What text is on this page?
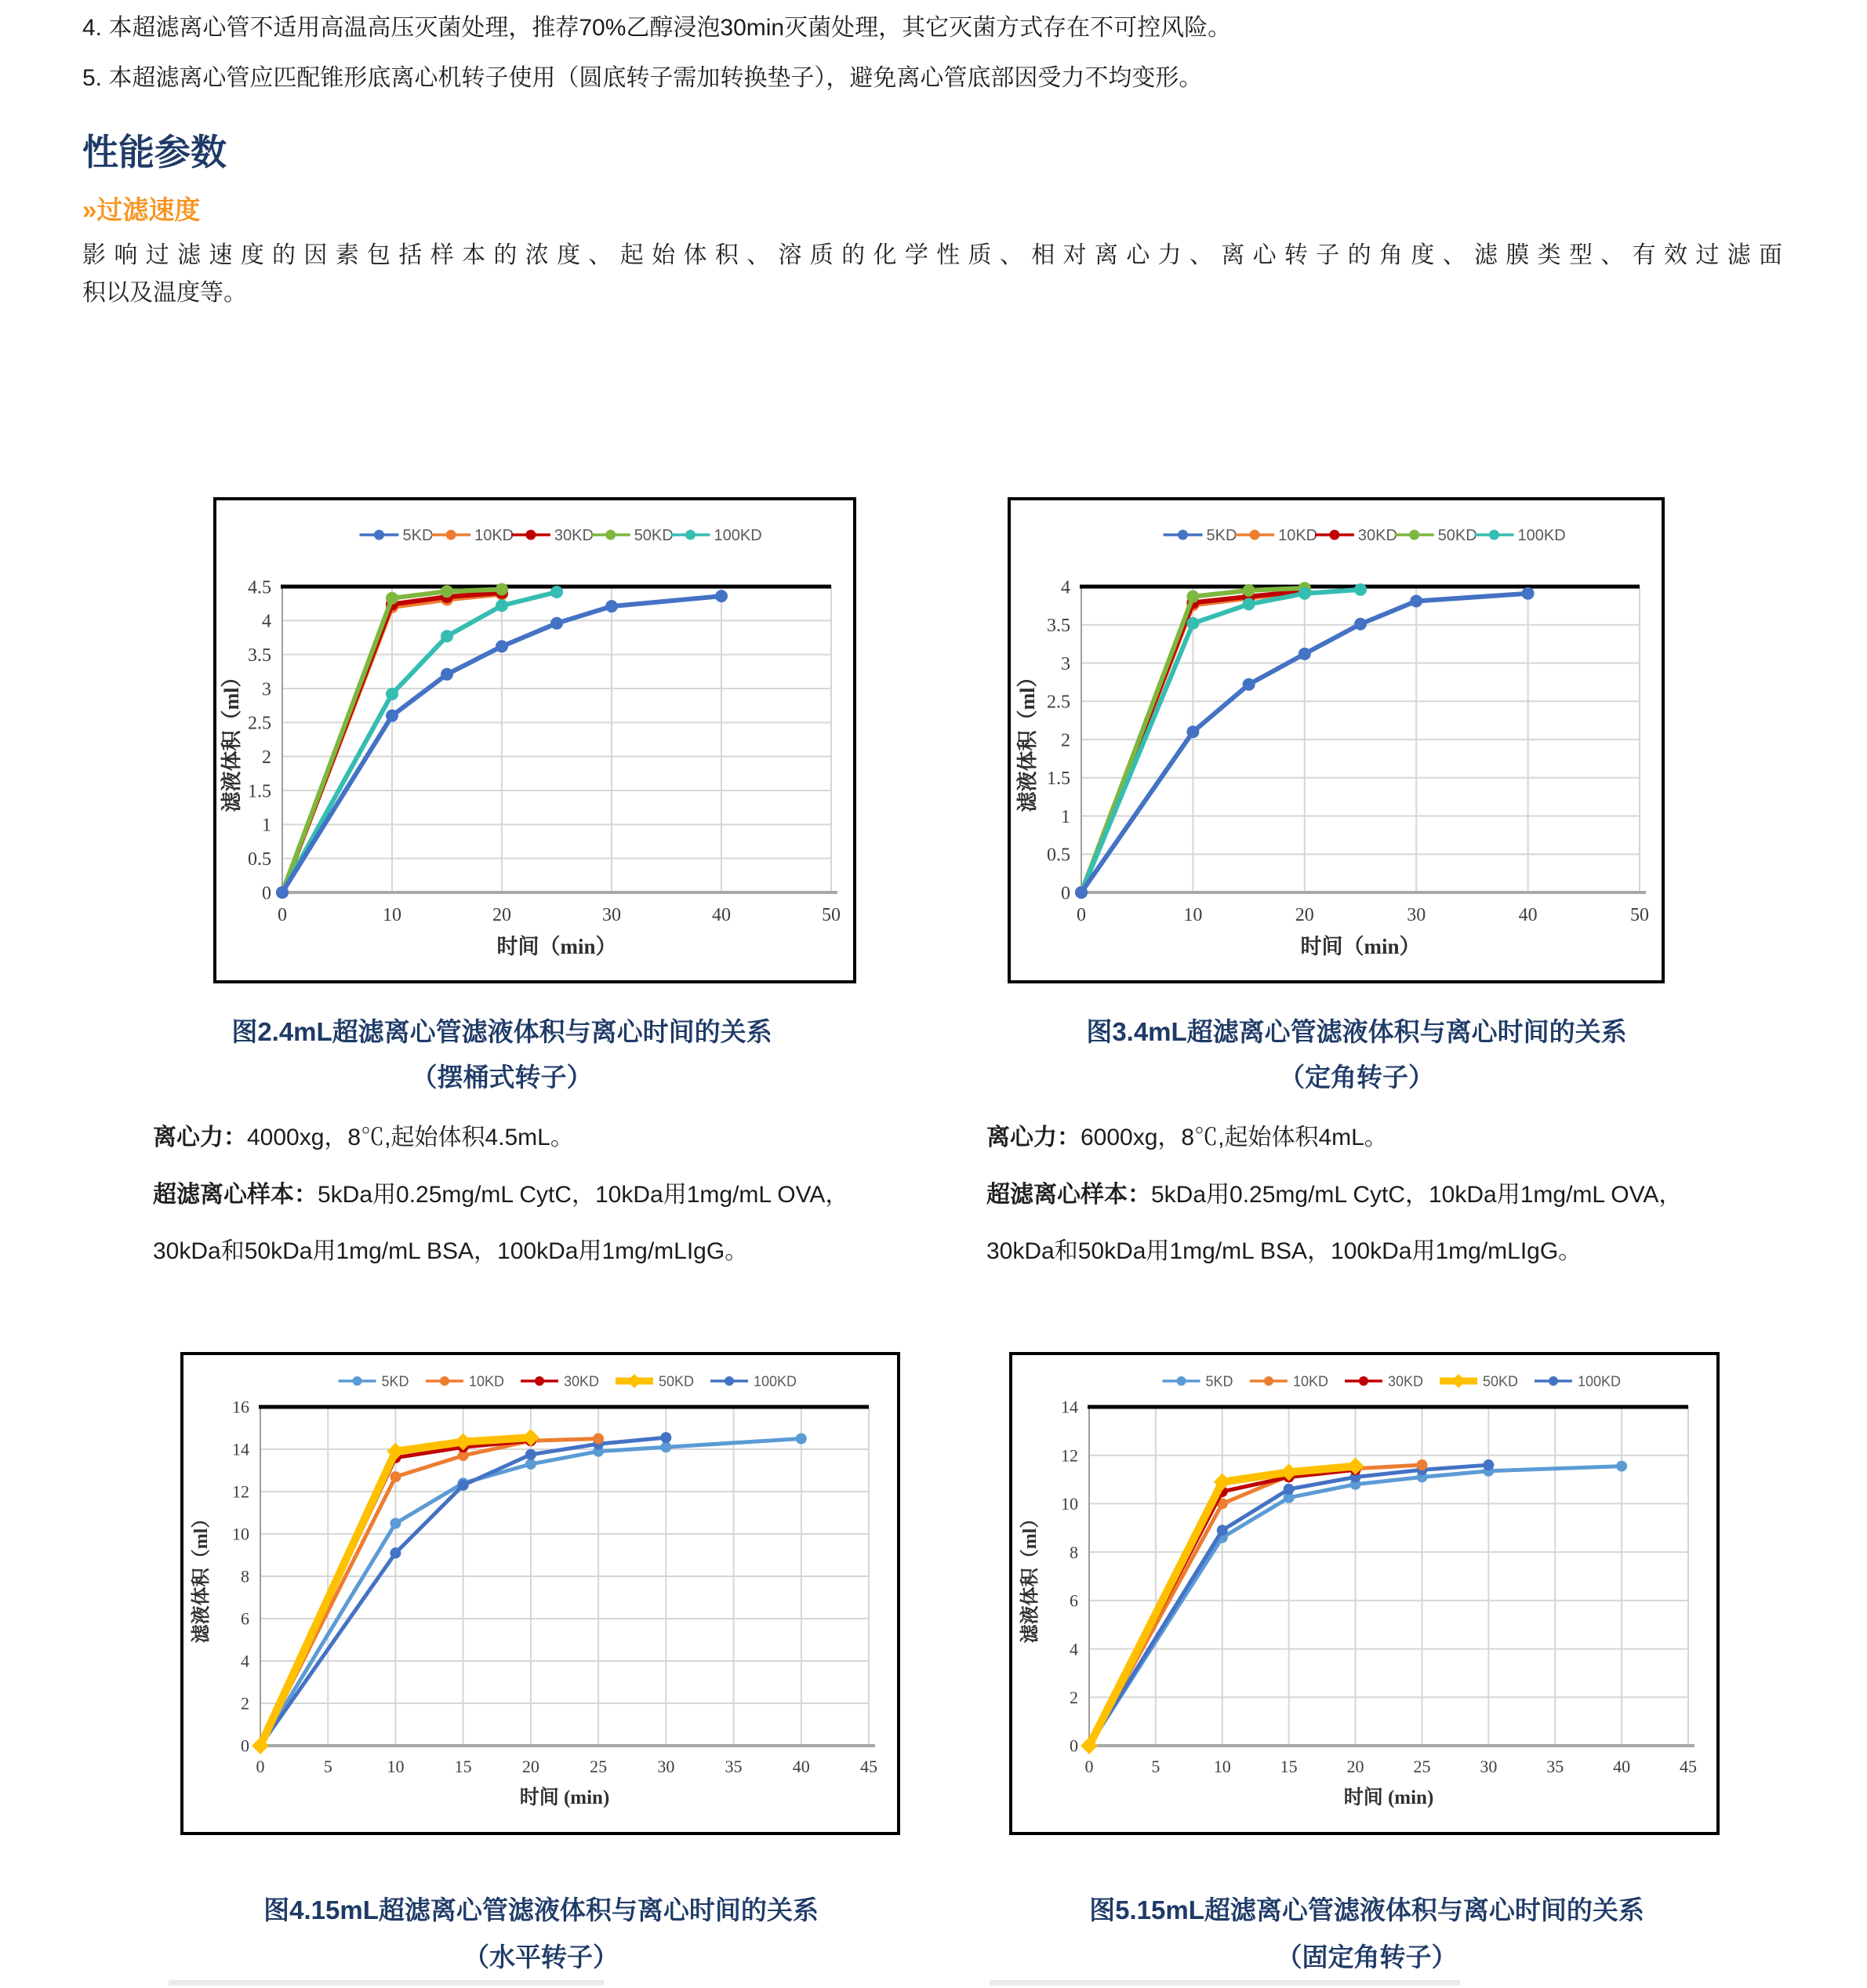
4. 本超滤离心管不适用高温高压灭菌处理，推荐70%乙醇浸泡30min灭菌处理，其它灭菌方式存在不可控风险。
5. 本超滤离心管应匹配锥形底离心机转子使用（圆底转子需加转换垫子），避免离心管底部因受力不均变形。
性能参数
»过滤速度
影响过滤速度的因素包括样本的浓度、起始体积、溶质的化学性质、相对离心力、离心转子的角度、滤膜类型、有效过滤面
积以及温度等。
0
0.5
1
1.5
2
2.5
3
3.5
4
4.5
0	10	20	30	40	50
时间（min）
滤液体积（ml）
5KD	10KD	30KD	50KD	100KD
0
0.5
1
1.5
2
2.5
3
3.5
4
0	10	20	30	40	50
时间（min）
滤液体积（ml）
5KD	10KD	30KD	50KD	100KD
0
2
4
6
8
10
12
14
16
0	5	10	15	20	25	30	35	40	45
时间 (min)
滤液体积（ml）
5KD	10KD	30KD	50KD	100KD
0
2
4
6
8
10
12
14
0	5	10	15	20	25	30	35	40	45
时间 (min)
滤液体积（ml）
5KD	10KD	30KD	50KD	100KD
图2.4mL超滤离心管滤液体积与离心时间的关系
（摆桶式转子）
图3.4mL超滤离心管滤液体积与离心时间的关系
（定角转子）
离心力：4000xg，8℃,起始体积4.5mL。	离心力：6000xg，8℃,起始体积4mL。
超滤离心样本：5kDa用0.25mg/mL CytC，10kDa用1mg/mL OVA，
30kDa和50kDa用1mg/mL BSA，100kDa用1mg/mLIgG。
超滤离心样本：5kDa用0.25mg/mL CytC，10kDa用1mg/mL OVA，
30kDa和50kDa用1mg/mL BSA，100kDa用1mg/mLIgG。
图4.15mL超滤离心管滤液体积与离心时间的关系
（水平转子）
图5.15mL超滤离心管滤液体积与离心时间的关系
（固定角转子）
